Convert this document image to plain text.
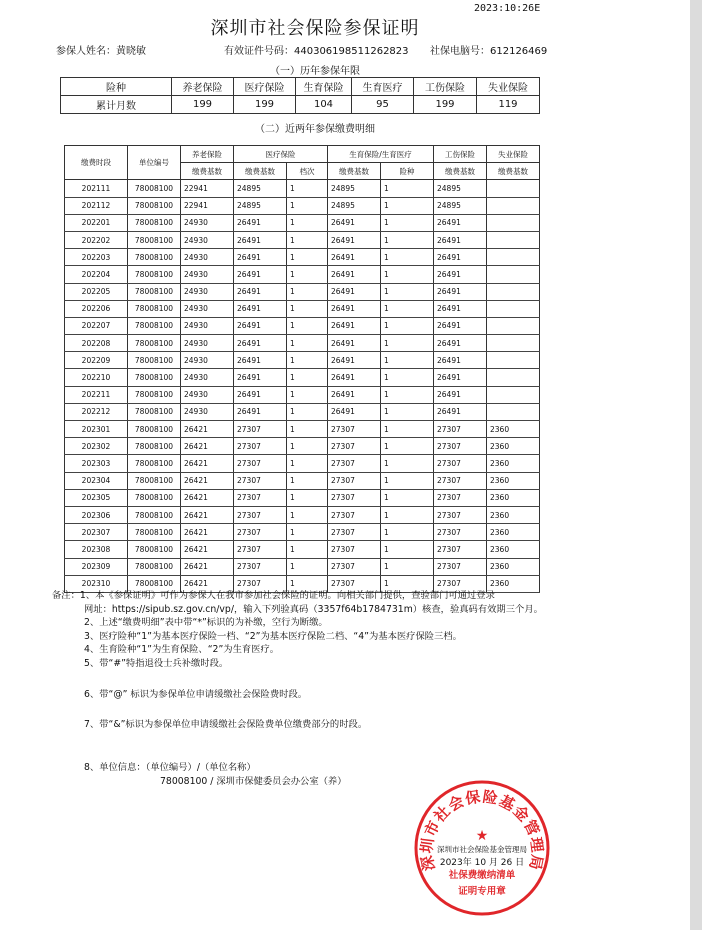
2023:10:26E
深圳市社会保险参保证明
参保人姓名：黄晓敏	有效证件号码：440306198511262823 社保电脑号：612126469
（一）历年参保年限
险种	养老保险	医疗保险	生育保险	生育医疗	工伤保险	失业保险
累计月数	199	199	104	95	199	119
（二）近两年参保缴费明细
缴费时段	单位编号	养老保险	医疗保险		生育保险/生育医疗		工伤保险	失业保险
		缴费基数	缴费基数	档次	缴费基数	险种	缴费基数	缴费基数
202111	78008100	22941	24895	1	24895	1	24895	
202112	78008100	22941	24895	1	24895	1	24895	
202201	78008100	24930	26491	1	26491	1	26491	
202202	78008100	24930	26491	1	26491	1	26491	
202203	78008100	24930	26491	1	26491	1	26491	
202204	78008100	24930	26491	1	26491	1	26491	
202205	78008100	24930	26491	1	26491	1	26491	
202206	78008100	24930	26491	1	26491	1	26491	
202207	78008100	24930	26491	1	26491	1	26491	
202208	78008100	24930	26491	1	26491	1	26491	
202209	78008100	24930	26491	1	26491	1	26491	
202210	78008100	24930	26491	1	26491	1	26491	
202211	78008100	24930	26491	1	26491	1	26491	
202212	78008100	24930	26491	1	26491	1	26491	
202301	78008100	26421	27307	1	27307	1	27307	2360
202302	78008100	26421	27307	1	27307	1	27307	2360
202303	78008100	26421	27307	1	27307	1	27307	2360
202304	78008100	26421	27307	1	27307	1	27307	2360
202305	78008100	26421	27307	1	27307	1	27307	2360
202306	78008100	26421	27307	1	27307	1	27307	2360
202307	78008100	26421	27307	1	27307	1	27307	2360
202308	78008100	26421	27307	1	27307	1	27307	2360
202309	78008100	26421	27307	1	27307	1	27307	2360
202310	78008100	26421	27307	1	27307	1	27307	2360
备注：1、本《参保证明》可作为参保人在我市参加社会保险的证明。向相关部门提供，查验部门可通过登录
网址：https://sipub.sz.gov.cn/vp/，输入下列验真码（3357f64b1784731m）核查，验真码有效期三个月。
2、上述“缴费明细”表中带“*”标识的为补缴，空行为断缴。
3、医疗险种“1”为基本医疗保险一档、“2”为基本医疗保险二档、“4”为基本医疗保险三档。
4、生育险种“1”为生育保险、“2”为生育医疗。
5、带“#”特指退役士兵补缴时段。
6、带“@” 标识为参保单位申请缓缴社会保险费时段。
7、带“&”标识为参保单位申请缓缴社会保险费单位缴费部分的时段。
8、单位信息：（单位编号）/（单位名称）
78008100 / 深圳市保健委员会办公室（养）
深圳市社会保险基金管理局
★
深圳市社会保险基金管理局
2023年 10 月 26 日
社保费缴纳清单
证明专用章
